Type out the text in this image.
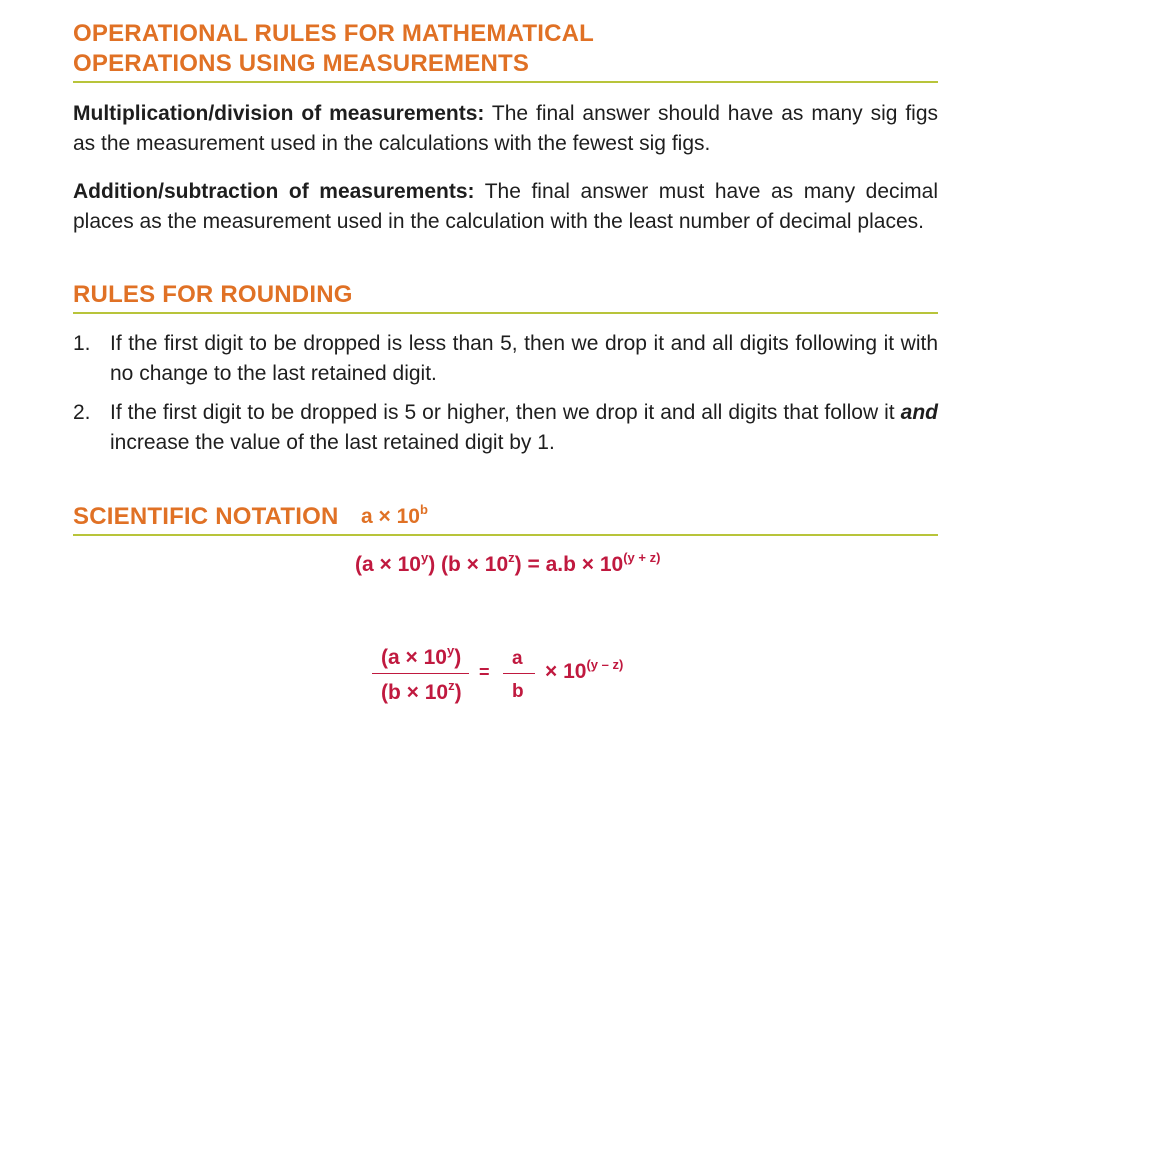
OPERATIONAL RULES FOR MATHEMATICAL
OPERATIONS USING MEASUREMENTS

Multiplication/division of measurements: The final answer should have as many sig figs as the measurement used in the calculations with the fewest sig figs.

Addition/subtraction of measurements: The final answer must have as many decimal places as the measurement used in the calculation with the least number of decimal places.

RULES FOR ROUNDING
1. If the first digit to be dropped is less than 5, then we drop it and all digits following it with no change to the last retained digit.
2. If the first digit to be dropped is 5 or higher, then we drop it and all digits that follow it and increase the value of the last retained digit by 1.
SCIENTIFIC NOTATION $a \times 10^b$
$(a \times 10^y)$ $(b \times 10^z) = a.b \times 10^{(y + z)}$
$(a \times 10^y)$
$(b \times 10^z)$
=
a
b
× $10^{(y - z)}$
